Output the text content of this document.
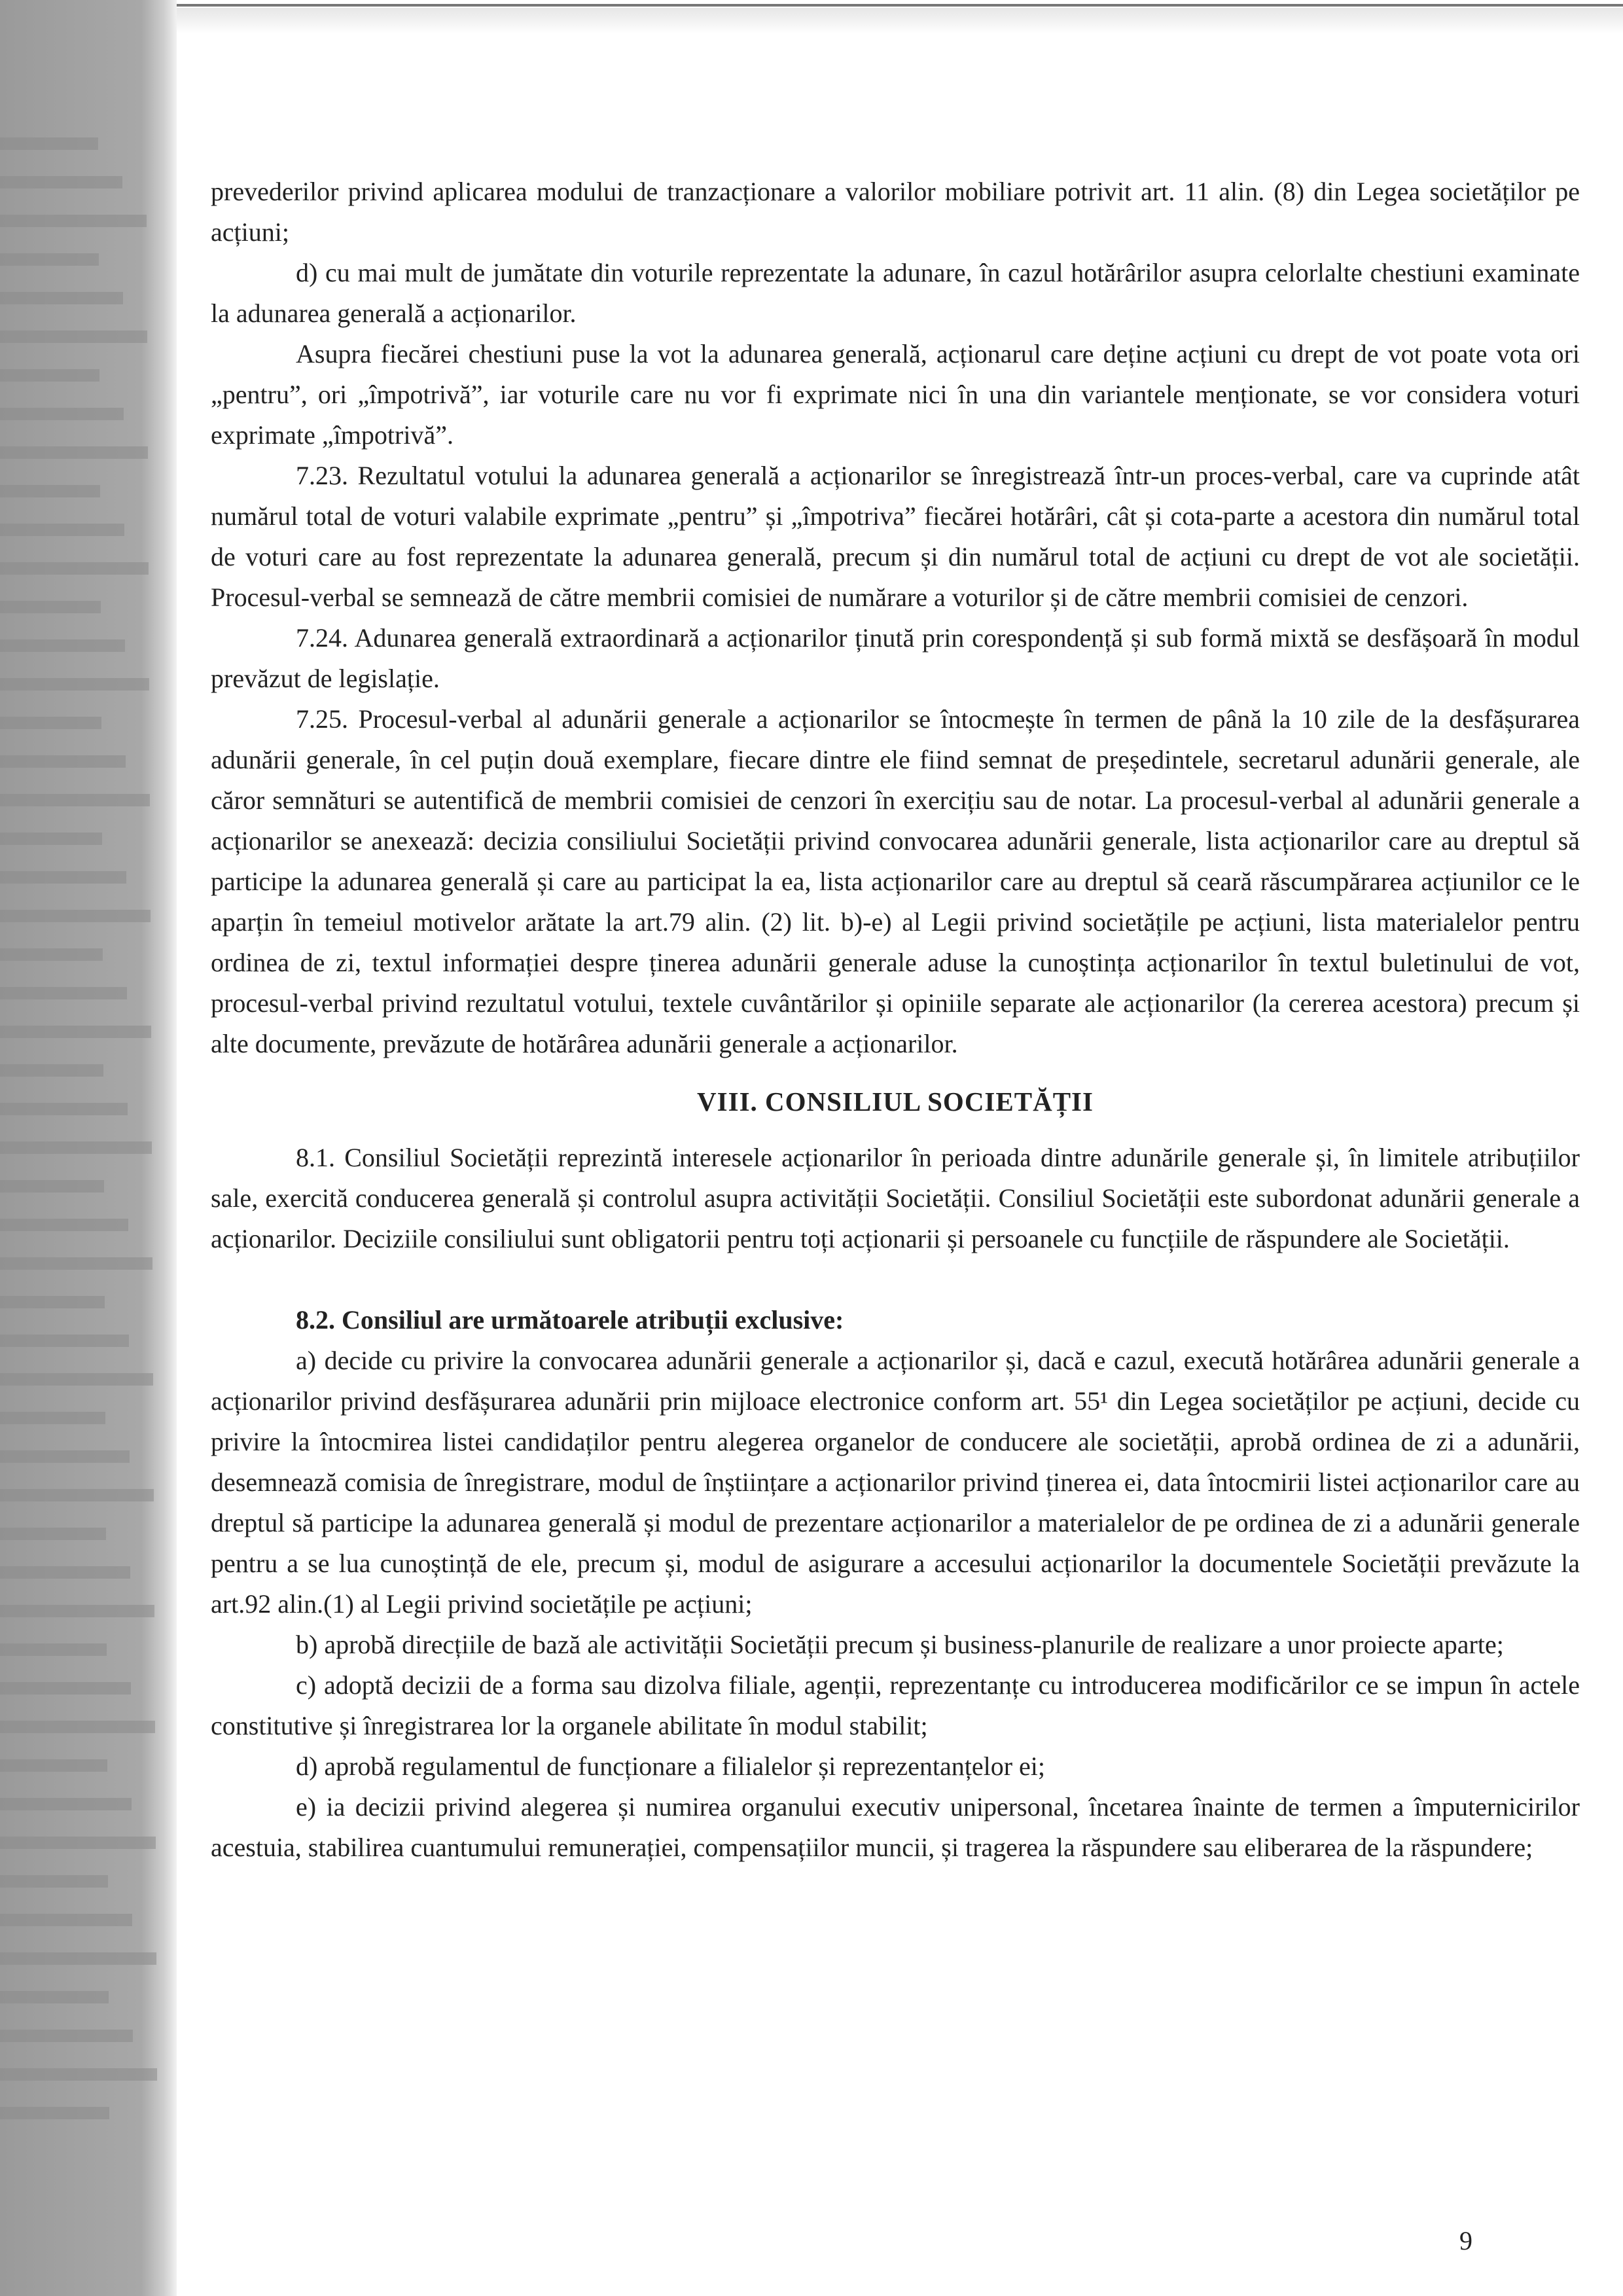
prevederilor privind aplicarea modului de tranzacționare a valorilor mobiliare potrivit art. 11 alin. (8) din Legea societăților pe acțiuni;

d) cu mai mult de jumătate din voturile reprezentate la adunare, în cazul hotărârilor asupra celorlalte chestiuni examinate la adunarea generală a acționarilor.

Asupra fiecărei chestiuni puse la vot la adunarea generală, acționarul care deține acțiuni cu drept de vot poate vota ori „pentru”, ori „împotrivă”, iar voturile care nu vor fi exprimate nici în una din variantele menționate, se vor considera voturi exprimate „împotrivă”.

7.23. Rezultatul votului la adunarea generală a acționarilor se înregistrează într-un proces-verbal, care va cuprinde atât numărul total de voturi valabile exprimate „pentru” și „împotriva” fiecărei hotărâri, cât și cota-parte a acestora din numărul total de voturi care au fost reprezentate la adunarea generală, precum și din numărul total de acțiuni cu drept de vot ale societății. Procesul-verbal se semnează de către membrii comisiei de numărare a voturilor și de către membrii comisiei de cenzori.

7.24. Adunarea generală extraordinară a acționarilor ținută prin corespondență și sub formă mixtă se desfășoară în modul prevăzut de legislație.

7.25. Procesul-verbal al adunării generale a acționarilor se întocmește în termen de până la 10 zile de la desfășurarea adunării generale, în cel puțin două exemplare, fiecare dintre ele fiind semnat de președintele, secretarul adunării generale, ale căror semnături se autentifică de membrii comisiei de cenzori în exercițiu sau de notar. La procesul-verbal al adunării generale a acționarilor se anexează: decizia consiliului Societății privind convocarea adunării generale, lista acționarilor care au dreptul să participe la adunarea generală și care au participat la ea, lista acționarilor care au dreptul să ceară răscumpărarea acțiunilor ce le aparțin în temeiul motivelor arătate la art.79 alin. (2) lit. b)-e) al Legii privind societățile pe acțiuni, lista materialelor pentru ordinea de zi, textul informației despre ținerea adunării generale aduse la cunoștința acționarilor în textul buletinului de vot, procesul-verbal privind rezultatul votului, textele cuvântărilor și opiniile separate ale acționarilor (la cererea acestora) precum și alte documente, prevăzute de hotărârea adunării generale a acționarilor.

VIII. CONSILIUL SOCIETĂȚII

8.1. Consiliul Societății reprezintă interesele acționarilor în perioada dintre adunările generale și, în limitele atribuțiilor sale, exercită conducerea generală și controlul asupra activității Societății. Consiliul Societății este subordonat adunării generale a acționarilor. Deciziile consiliului sunt obligatorii pentru toți acționarii și persoanele cu funcțiile de răspundere ale Societății.

8.2. Consiliul are următoarele atribuții exclusive:

a) decide cu privire la convocarea adunării generale a acționarilor și, dacă e cazul, execută hotărârea adunării generale a acționarilor privind desfășurarea adunării prin mijloace electronice conform art. 55¹ din Legea societăților pe acțiuni, decide cu privire la întocmirea listei candidaților pentru alegerea organelor de conducere ale societății, aprobă ordinea de zi a adunării, desemnează comisia de înregistrare, modul de înștiințare a acționarilor privind ținerea ei, data întocmirii listei acționarilor care au dreptul să participe la adunarea generală și modul de prezentare acționarilor a materialelor de pe ordinea de zi a adunării generale pentru a se lua cunoștință de ele, precum și, modul de asigurare a accesului acționarilor la documentele Societății prevăzute la art.92 alin.(1) al Legii privind societățile pe acțiuni;

b) aprobă direcțiile de bază ale activității Societății precum și business-planurile de realizare a unor proiecte aparte;

c) adoptă decizii de a forma sau dizolva filiale, agenții, reprezentanțe cu introducerea modificărilor ce se impun în actele constitutive și înregistrarea lor la organele abilitate în modul stabilit;

d) aprobă regulamentul de funcționare a filialelor și reprezentanțelor ei;

e) ia decizii privind alegerea și numirea organului executiv unipersonal, încetarea înainte de termen a împuternicirilor acestuia, stabilirea cuantumului remunerației, compensațiilor muncii, și tragerea la răspundere sau eliberarea de la răspundere;

9
